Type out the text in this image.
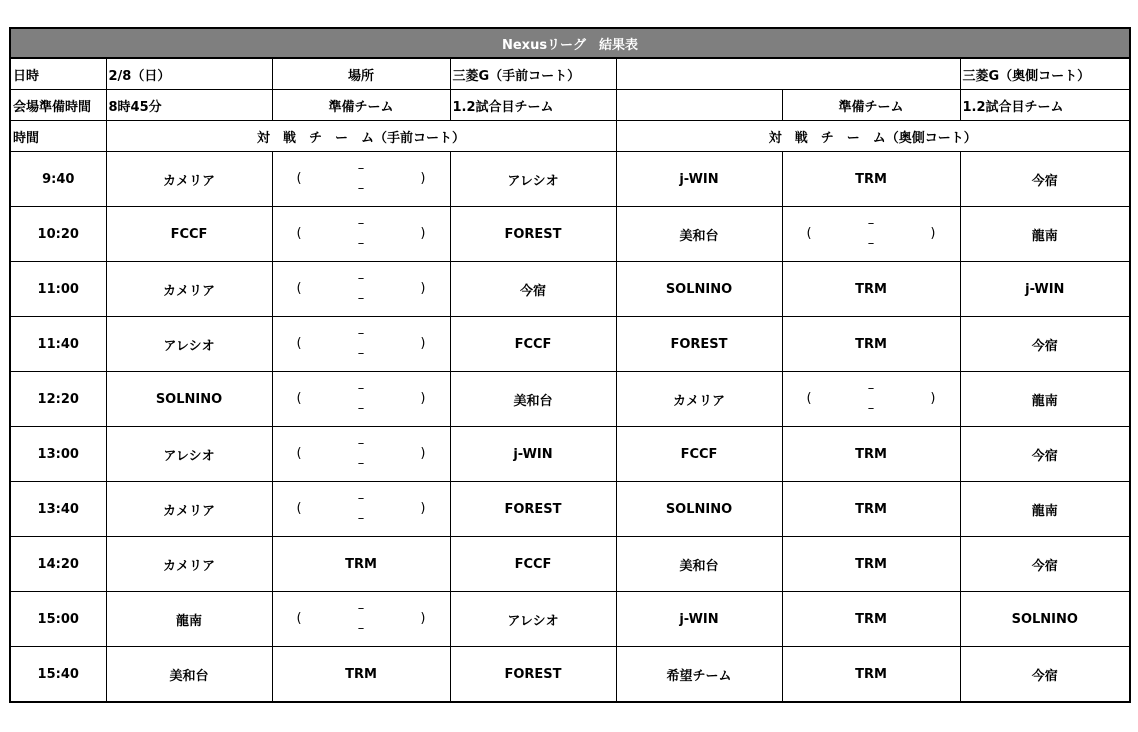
Nexusリーグ　結果表						
日時	2/8（日）	場所	三菱G（手前コート）			三菱G（奥側コート）
会場準備時間	8時45分	準備チーム	1.2試合目チーム		準備チーム	1.2試合目チーム
時間	対　戦　チ　ー　ム（手前コート）			対　戦　チ　ー　ム（奥側コート）		
9:40	カメリア	(
–
–
)	アレシオ	j-WIN	TRM	今宿
10:20	FCCF	(
–
–
)	FOREST	美和台	(
–
–
)	龍南
11:00	カメリア	(
–
–
)	今宿	SOLNINO	TRM	j-WIN
11:40	アレシオ	(
–
–
)	FCCF	FOREST	TRM	今宿
12:20	SOLNINO	(
–
–
)	美和台	カメリア	(
–
–
)	龍南
13:00	アレシオ	(
–
–
)	j-WIN	FCCF	TRM	今宿
13:40	カメリア	(
–
–
)	FOREST	SOLNINO	TRM	龍南
14:20	カメリア	TRM	FCCF	美和台	TRM	今宿
15:00	龍南	(
–
–
)	アレシオ	j-WIN	TRM	SOLNINO
15:40	美和台	TRM	FOREST	希望チーム	TRM	今宿
